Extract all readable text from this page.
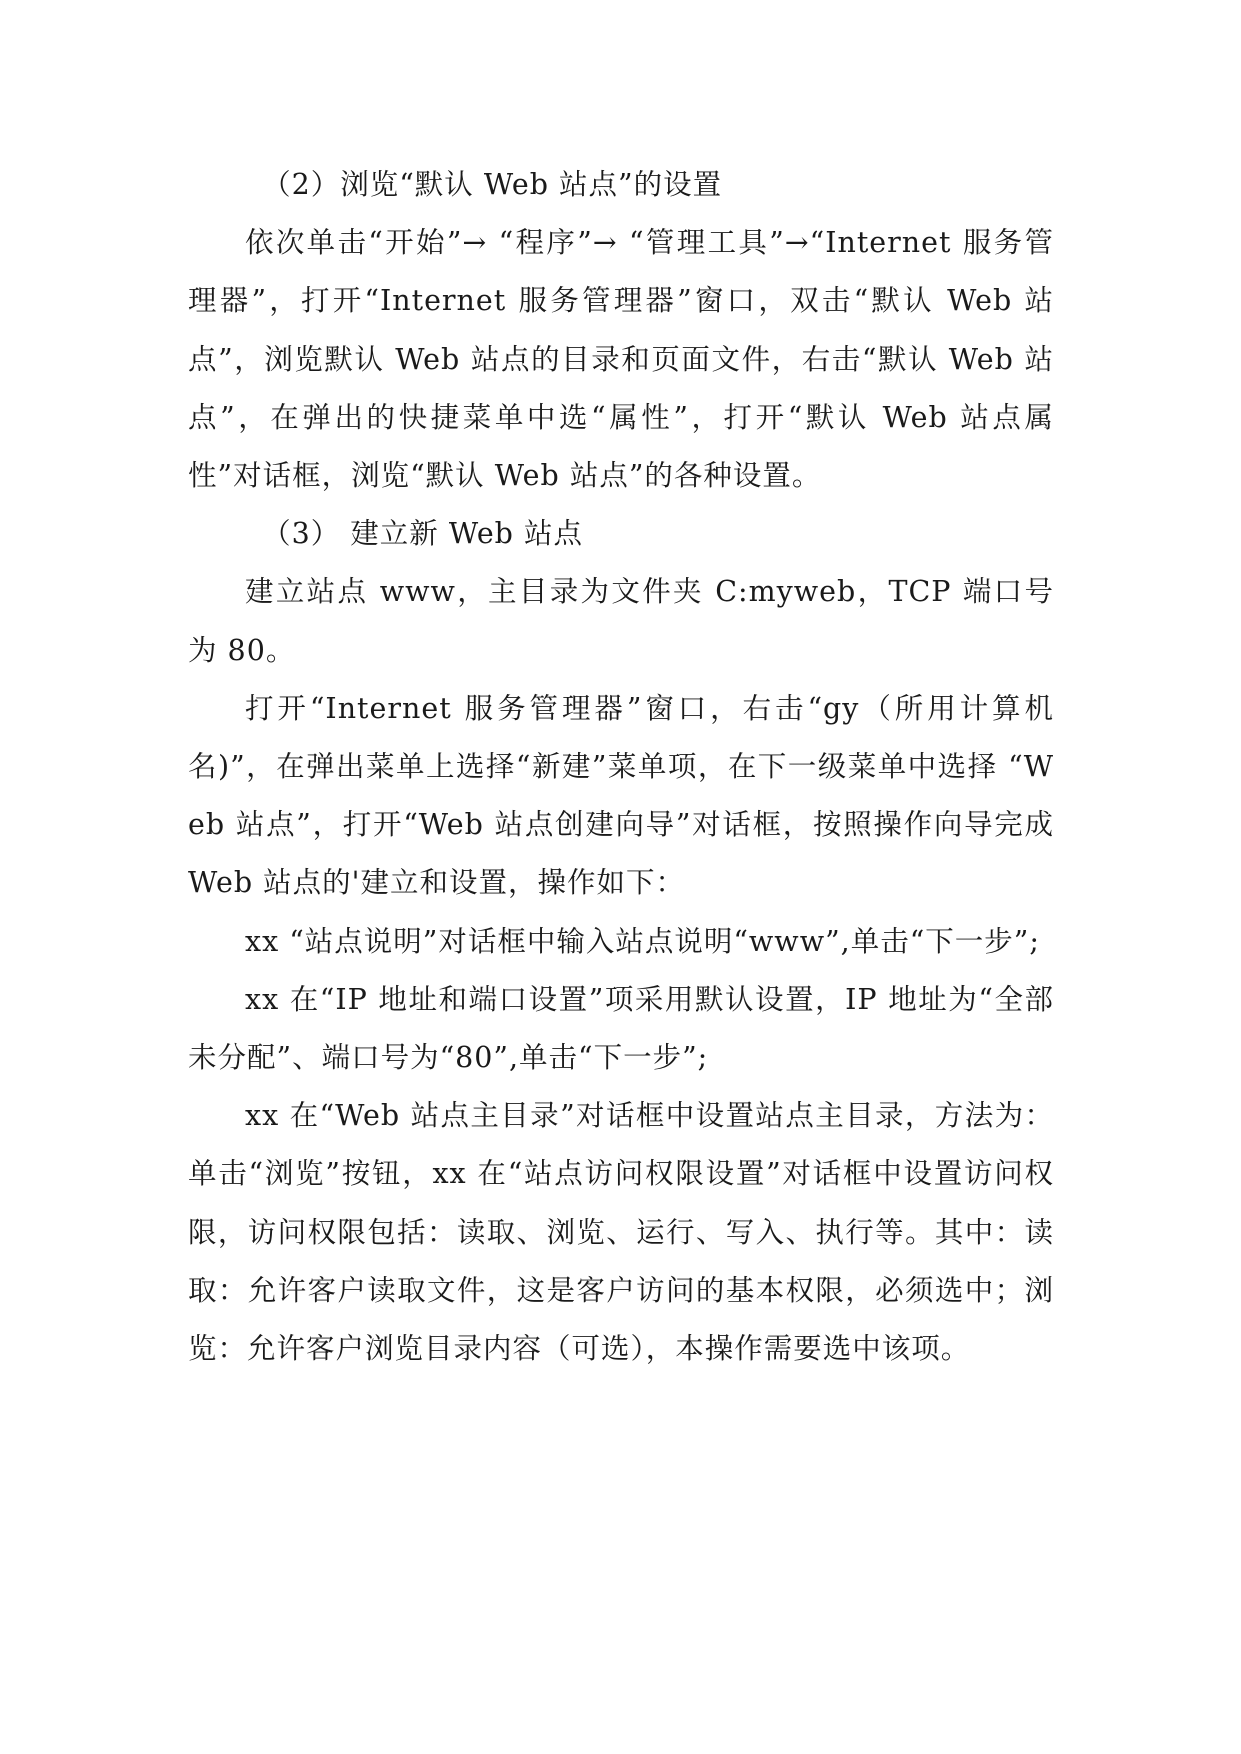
（2）浏览“默认 Web 站点”的设置

依次单击“开始”→ “程序”→ “管理工具”→“Internet 服务管理器”，打开“Internet 服务管理器”窗口，双击“默认 Web 站点”，浏览默认 Web 站点的目录和页面文件，右击“默认 Web 站点”，在弹出的快捷菜单中选“属性”，打开“默认 Web 站点属性”对话框，浏览“默认 Web 站点”的各种设置。

（3） 建立新 Web 站点

建立站点 www，主目录为文件夹 C:myweb，TCP 端口号为 80。

打开“Internet 服务管理器”窗口，右击“gy（所用计算机名)”，在弹出菜单上选择“新建”菜单项，在下一级菜单中选择 “Web 站点”，打开“Web 站点创建向导”对话框，按照操作向导完成 Web 站点的'建立和设置，操作如下：

xx “站点说明”对话框中输入站点说明“www”,单击“下一步”;

xx 在“IP 地址和端口设置”项采用默认设置，IP 地址为“全部未分配”、端口号为“80”,单击“下一步”;

xx 在“Web 站点主目录”对话框中设置站点主目录，方法为：单击“浏览”按钮，xx 在“站点访问权限设置”对话框中设置访问权限，访问权限包括：读取、浏览、运行、写入、执行等。其中：读取：允许客户读取文件，这是客户访问的基本权限，必须选中；浏览：允许客户浏览目录内容（可选），本操作需要选中该项。
